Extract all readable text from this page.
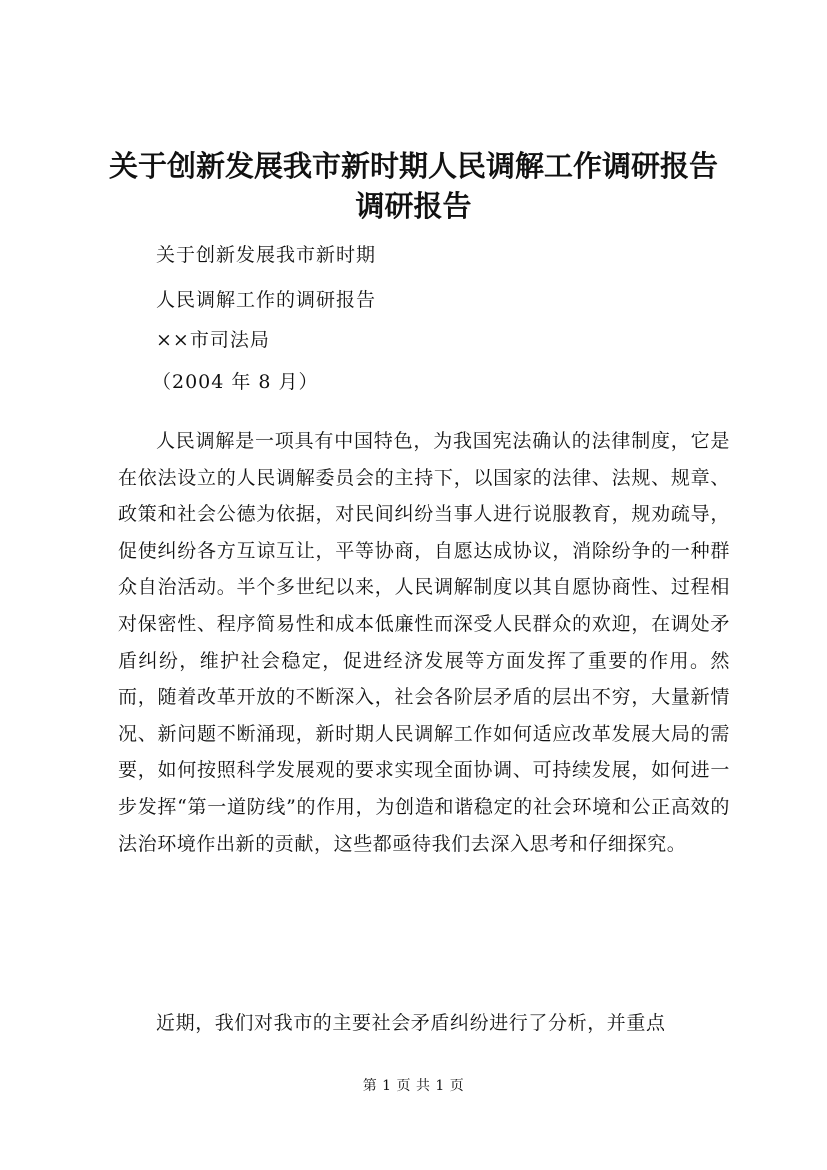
关于创新发展我市新时期人民调解工作调研报告调研报告
关于创新发展我市新时期
人民调解工作的调研报告
××市司法局
（2004 年 8 月）

人民调解是一项具有中国特色，为我国宪法确认的法律制度，它是在依法设立的人民调解委员会的主持下，以国家的法律、法规、规章、政策和社会公德为依据，对民间纠纷当事人进行说服教育，规劝疏导，促使纠纷各方互谅互让，平等协商，自愿达成协议，消除纷争的一种群众自治活动。半个多世纪以来，人民调解制度以其自愿协商性、过程相对保密性、程序简易性和成本低廉性而深受人民群众的欢迎，在调处矛盾纠纷，维护社会稳定，促进经济发展等方面发挥了重要的作用。然而，随着改革开放的不断深入，社会各阶层矛盾的层出不穷，大量新情况、新问题不断涌现，新时期人民调解工作如何适应改革发展大局的需要，如何按照科学发展观的要求实现全面协调、可持续发展，如何进一步发挥“第一道防线”的作用，为创造和谐稳定的社会环境和公正高效的法治环境作出新的贡献，这些都亟待我们去深入思考和仔细探究。

近期，我们对我市的主要社会矛盾纠纷进行了分析，并重点

第 1 页 共 1 页
